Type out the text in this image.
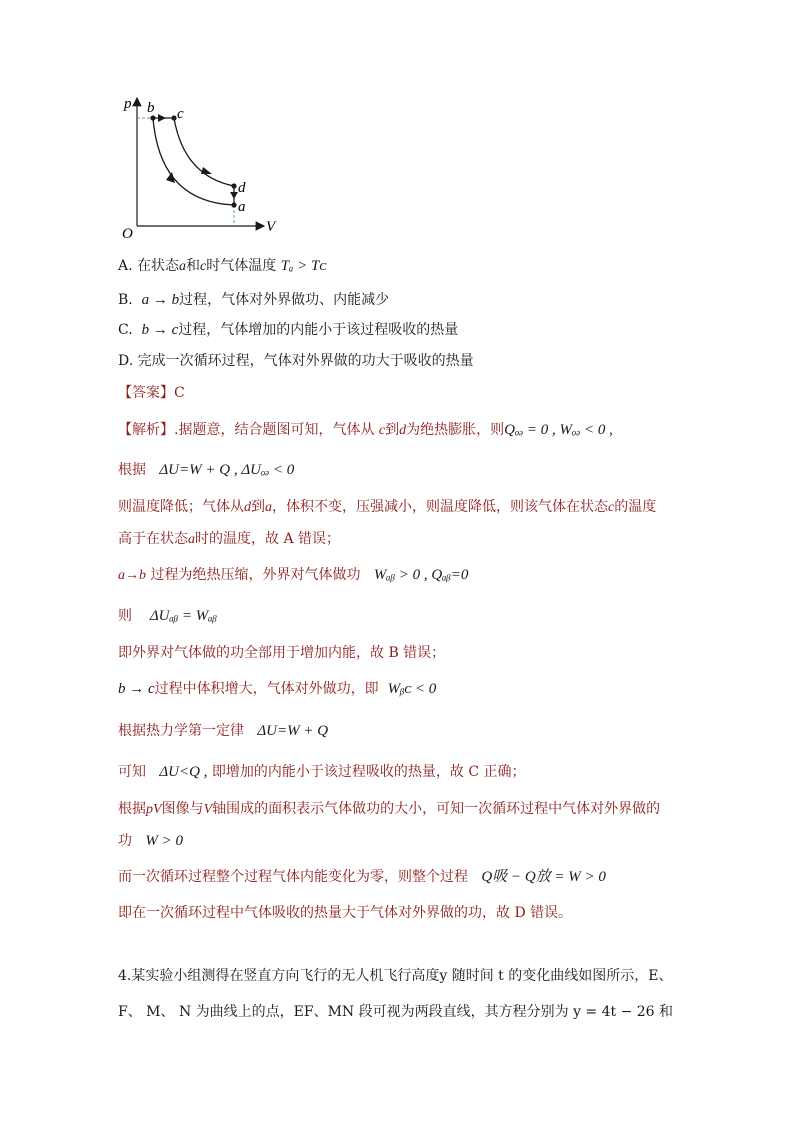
p
V
O
b c
d
a
A. 在状态a和c时气体温度 Tₐ > Tᴄ
B. a → b过程，气体对外界做功、内能减少
C. b → c过程，气体增加的内能小于该过程吸收的热量
D. 完成一次循环过程，气体对外界做的功大于吸收的热量
【答案】C
【解析】.据题意，结合题图可知，气体从 c到d为绝热膨胀，则Qₒₔ = 0 , Wₒₔ < 0 ,
根据 ΔU=W + Q , ΔUₒₔ < 0
则温度降低；气体从d到a，体积不变，压强减小，则温度降低，则该气体在状态c的温度
高于在状态a时的温度，故 A 错误；
a→b 过程为绝热压缩，外界对气体做功 Wₐᵦ > 0 , Qₐᵦ=0
则 ΔUₐᵦ = Wₐᵦ
即外界对气体做的功全部用于增加内能，故 B 错误；
b → c过程中体积增大，气体对外做功，即 Wᵦᴄ < 0
根据热力学第一定律 ΔU=W + Q
可知 ΔU<Q , 即增加的内能小于该过程吸收的热量，故 C 正确；
根据pV图像与V轴围成的面积表示气体做功的大小，可知一次循环过程中气体对外界做的
功 W > 0
而一次循环过程整个过程气体内能变化为零，则整个过程 Q吸 − Q放 = W > 0
即在一次循环过程中气体吸收的热量大于气体对外界做的功，故 D 错误。
4.某实验小组测得在竖直方向飞行的无人机飞行高度y 随时间 t 的变化曲线如图所示，E、
F、 M、 N 为曲线上的点，EF、MN 段可视为两段直线，其方程分别为 y = 4t − 26 和
